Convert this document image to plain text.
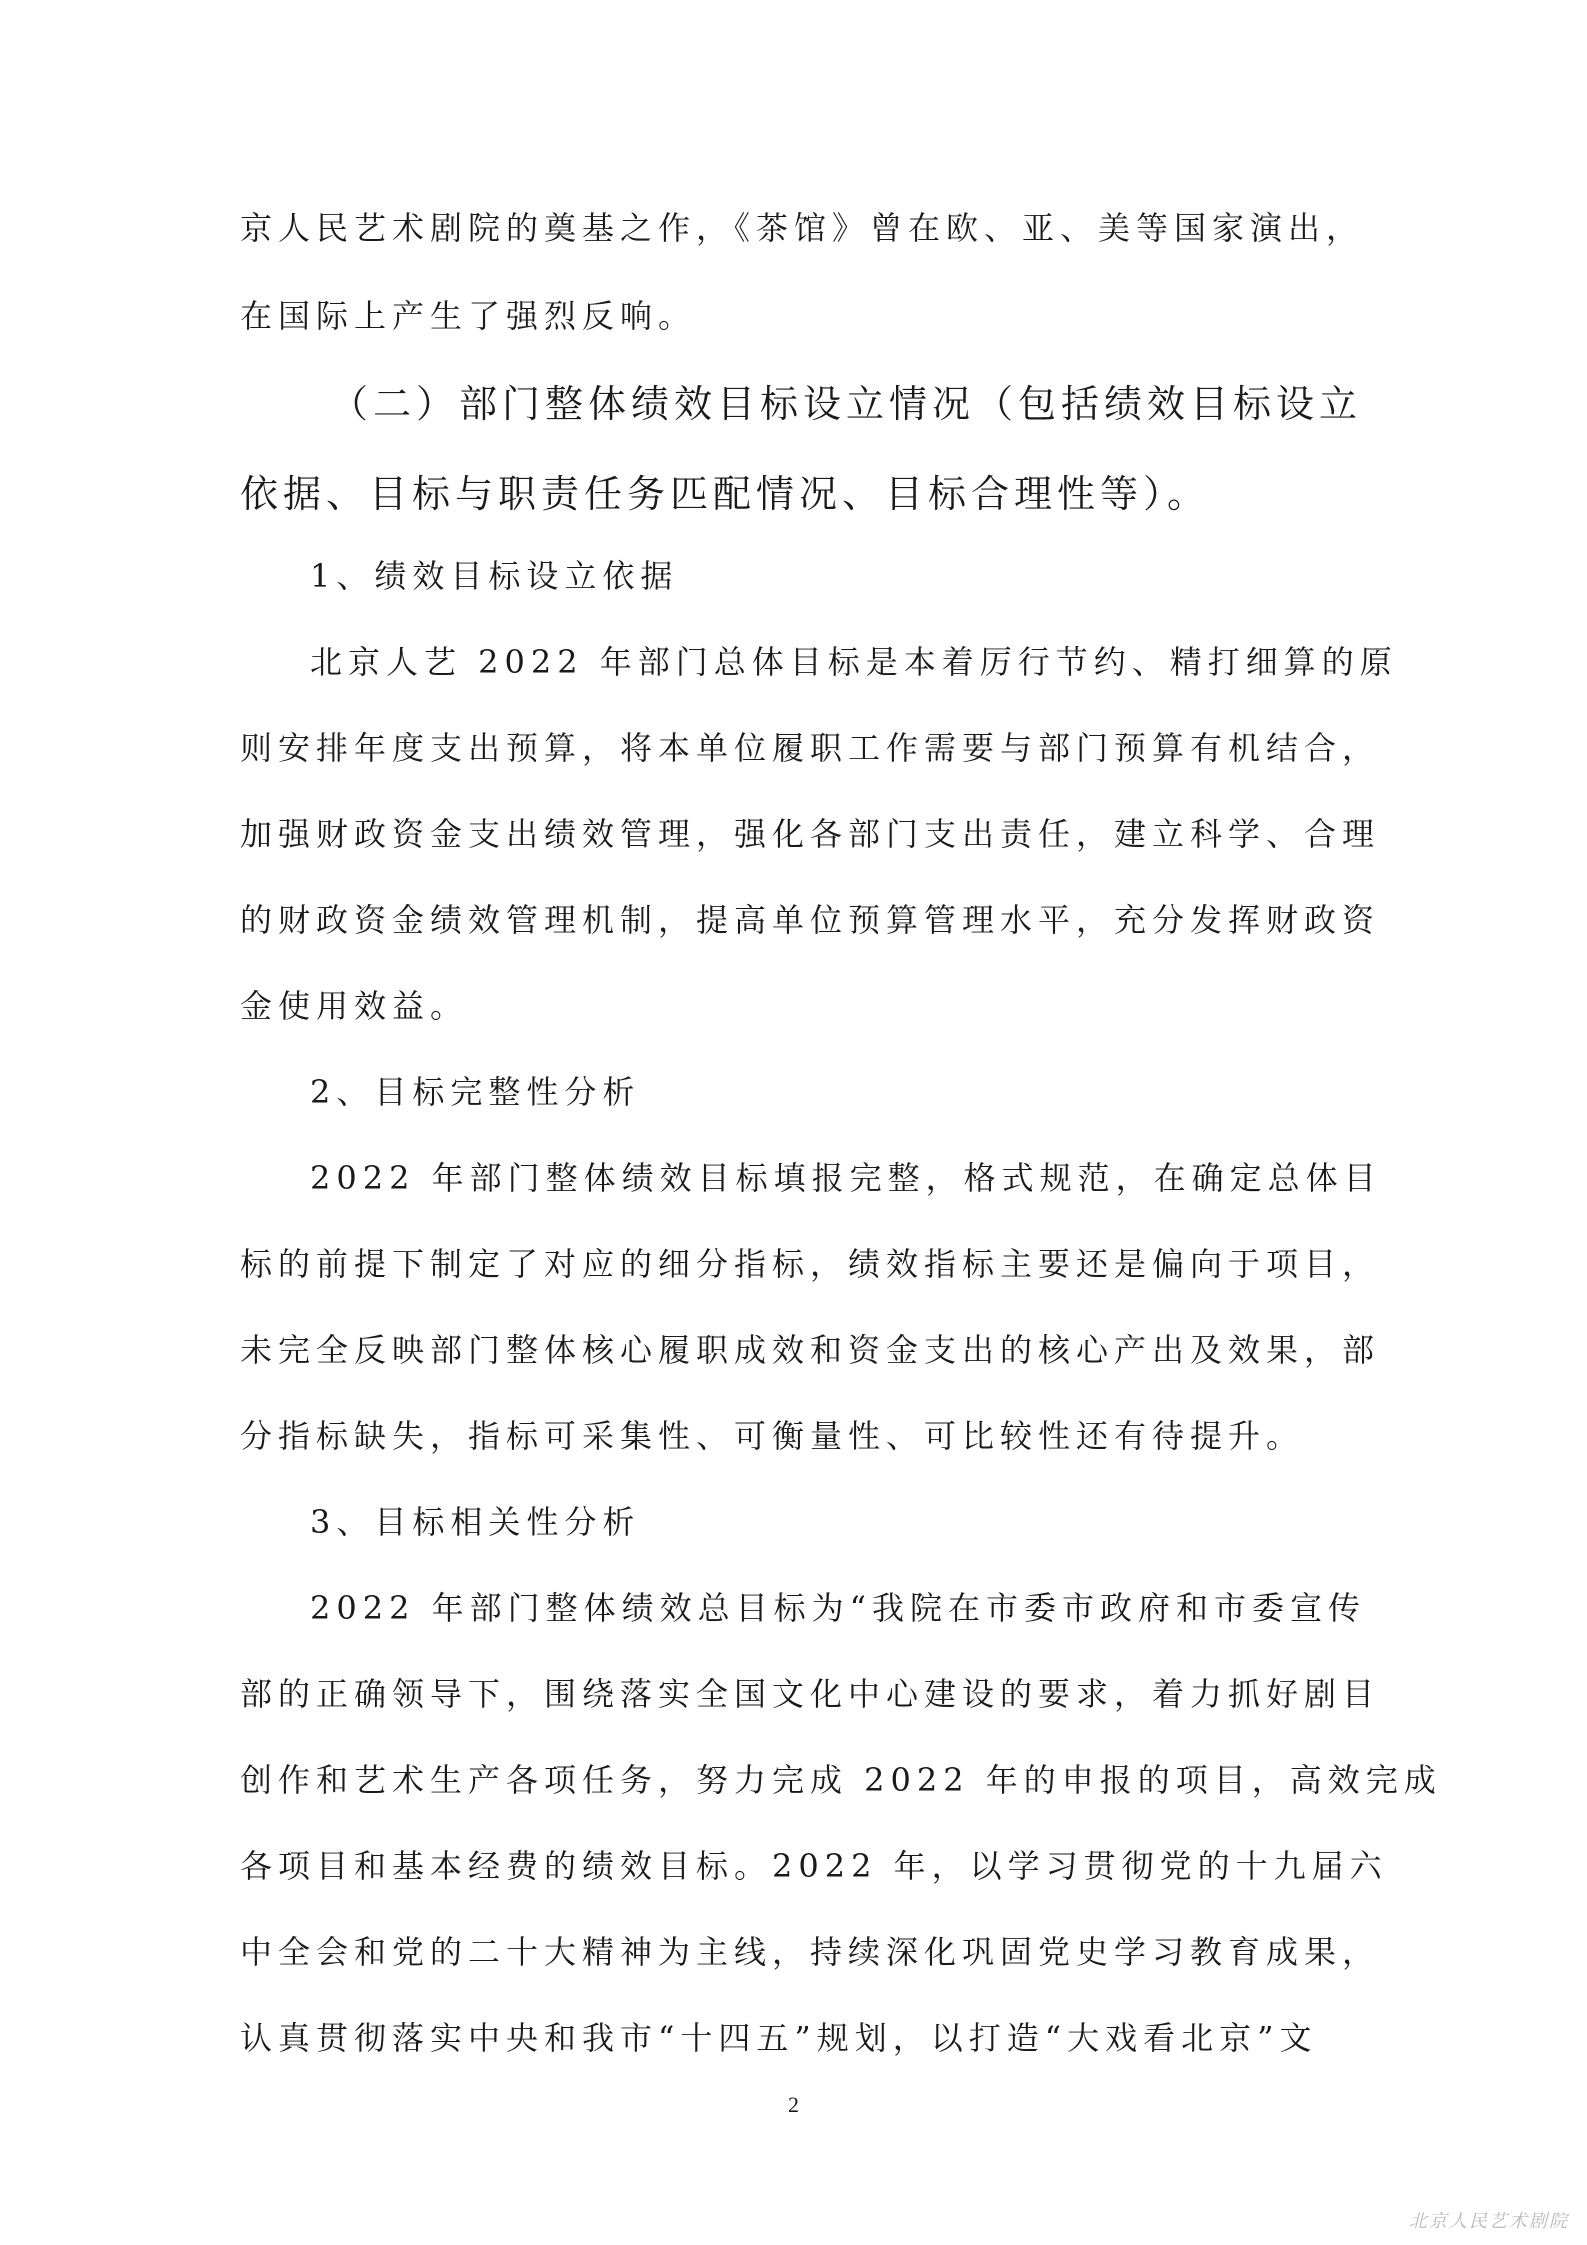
京人民艺术剧院的奠基之作，《茶馆》曾在欧、亚、美等国家演出，
在国际上产生了强烈反响。
（二）部门整体绩效目标设立情况（包括绩效目标设立
依据、目标与职责任务匹配情况、目标合理性等）。
1、绩效目标设立依据
北京人艺 2022 年部门总体目标是本着厉行节约、精打细算的原
则安排年度支出预算，将本单位履职工作需要与部门预算有机结合，
加强财政资金支出绩效管理，强化各部门支出责任，建立科学、合理
的财政资金绩效管理机制，提高单位预算管理水平，充分发挥财政资
金使用效益。
2、目标完整性分析
2022 年部门整体绩效目标填报完整，格式规范，在确定总体目
标的前提下制定了对应的细分指标，绩效指标主要还是偏向于项目，
未完全反映部门整体核心履职成效和资金支出的核心产出及效果，部
分指标缺失，指标可采集性、可衡量性、可比较性还有待提升。
3、目标相关性分析
2022 年部门整体绩效总目标为“我院在市委市政府和市委宣传
部的正确领导下，围绕落实全国文化中心建设的要求，着力抓好剧目
创作和艺术生产各项任务，努力完成 2022 年的申报的项目，高效完成
各项目和基本经费的绩效目标。2022 年，以学习贯彻党的十九届六
中全会和党的二十大精神为主线，持续深化巩固党史学习教育成果，
认真贯彻落实中央和我市“十四五”规划，以打造“大戏看北京”文
2
北京人民艺术剧院
